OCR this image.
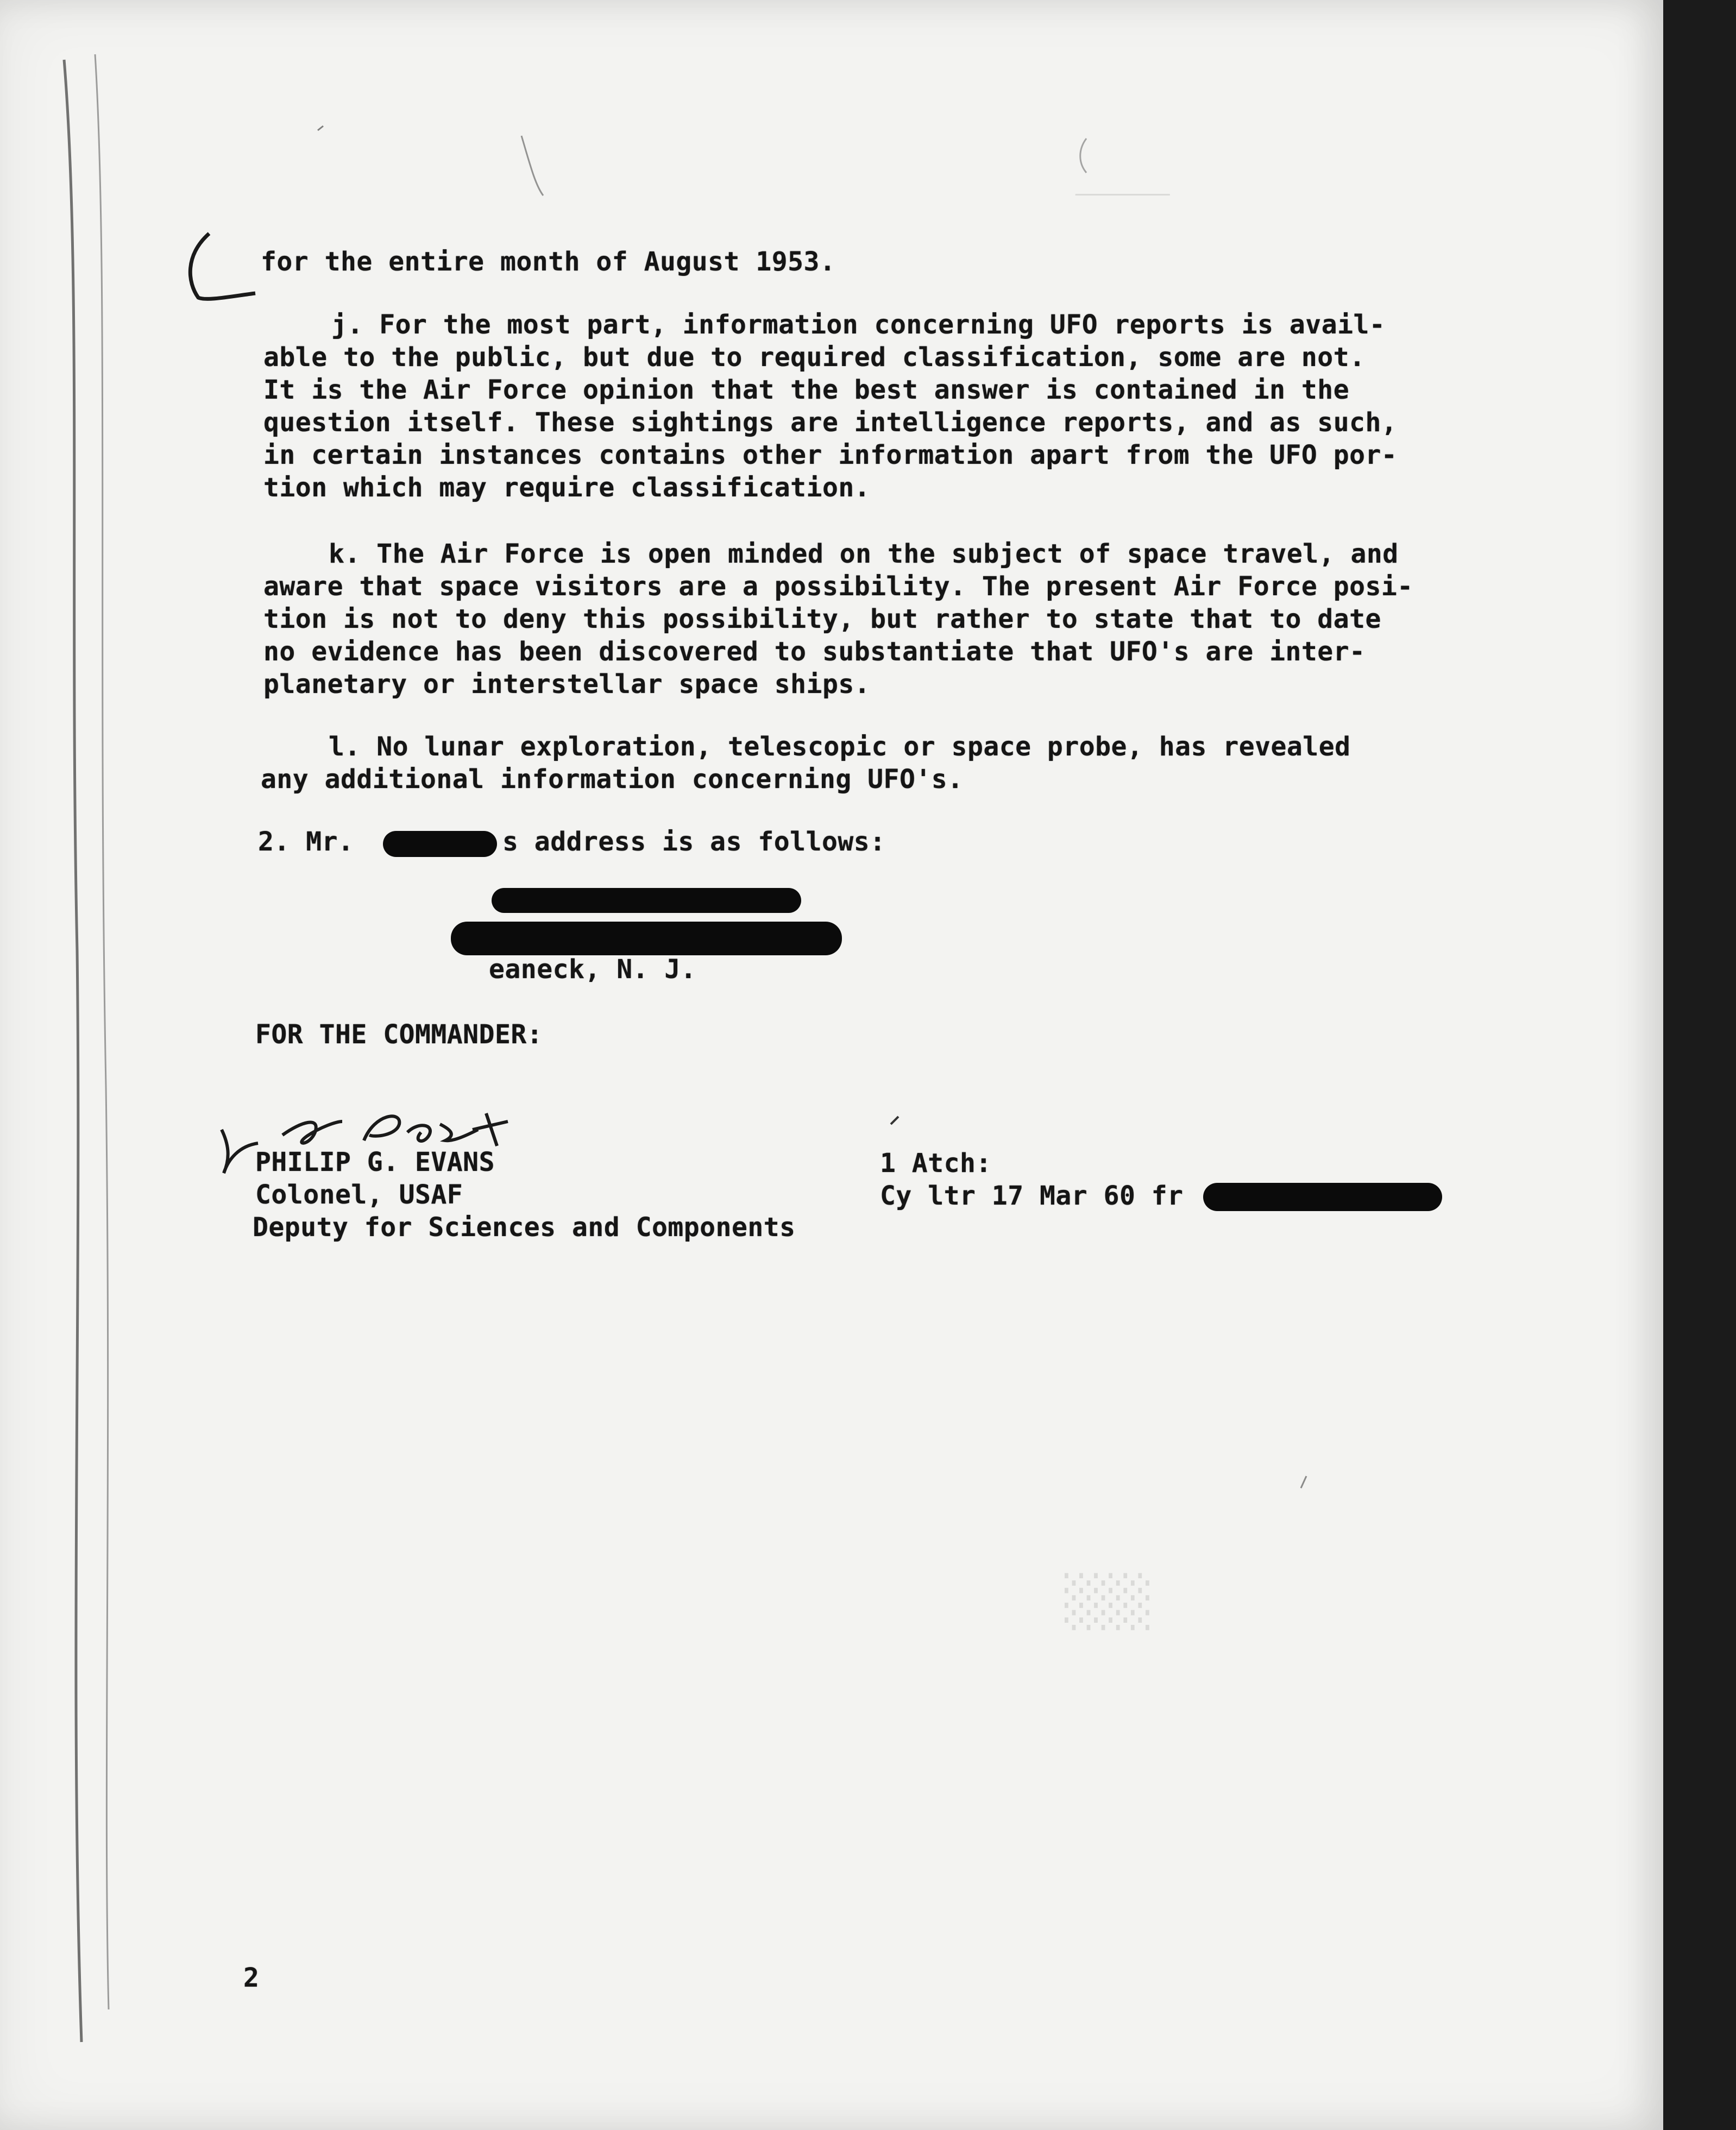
────────
░░░
for the entire month of August 1953.
j. For the most part, information concerning UFO reports is avail-
able to the public, but due to required classification, some are not.
It is the Air Force opinion that the best answer is contained in the
question itself. These sightings are intelligence reports, and as such,
in certain instances contains other information apart from the UFO por-
tion which may require classification.
k. The Air Force is open minded on the subject of space travel, and
aware that space visitors are a possibility. The present Air Force posi-
tion is not to deny this possibility, but rather to state that to date
no evidence has been discovered to substantiate that UFO's are inter-
planetary or interstellar space ships.
l. No lunar exploration, telescopic or space probe, has revealed
any additional information concerning UFO's.
2. Mr.	s address is as follows:
eaneck, N. J.
FOR THE COMMANDER:
PHILIP G. EVANS
Colonel, USAF
Deputy for Sciences and Components
1 Atch:
Cy ltr 17 Mar 60 fr
2
